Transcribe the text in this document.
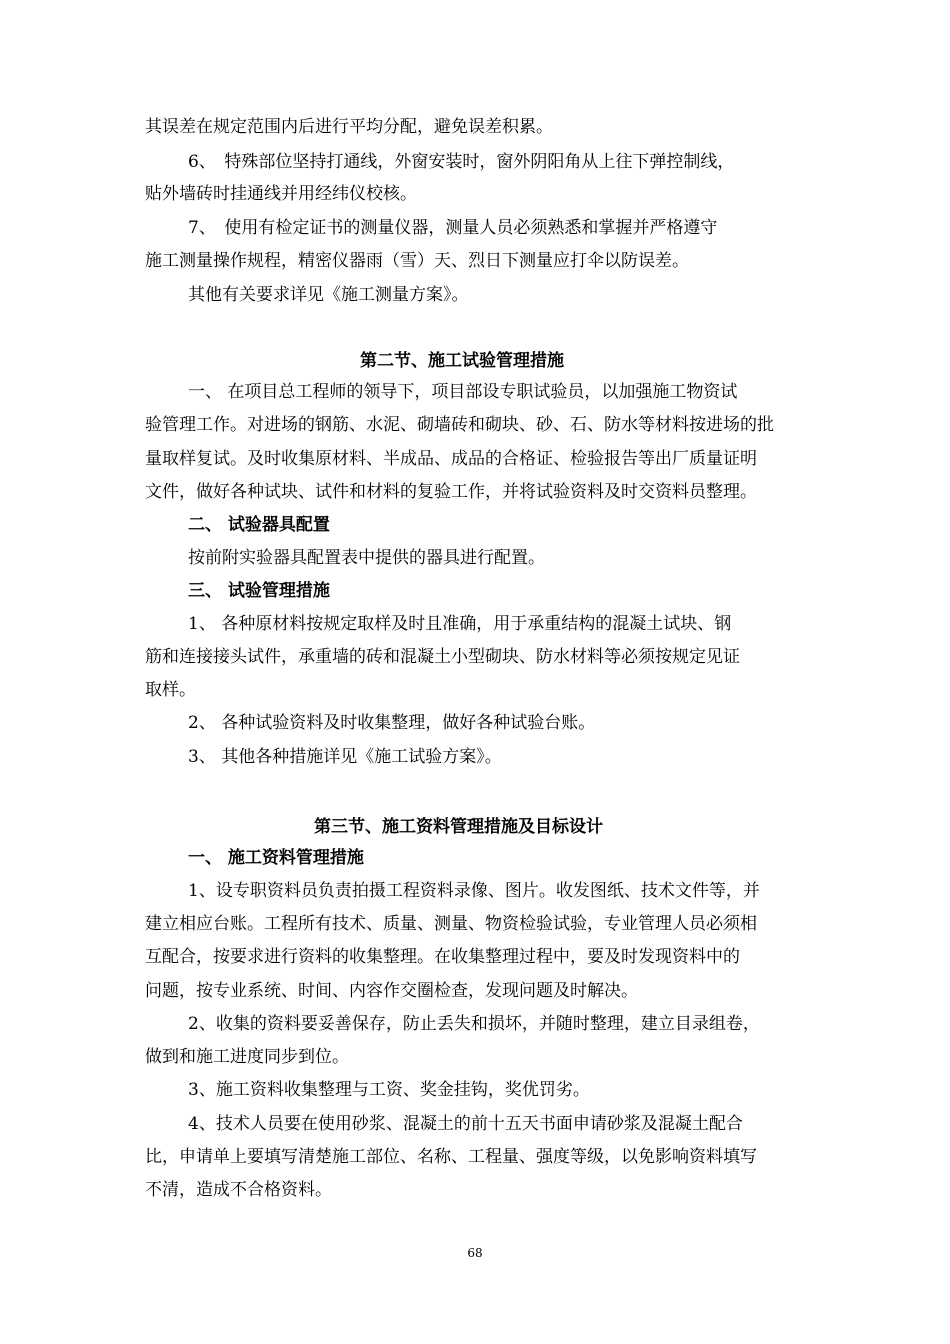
其误差在规定范围内后进行平均分配，避免误差积累。
6、　特殊部位坚持打通线，外窗安装时，窗外阴阳角从上往下弹控制线，
贴外墙砖时挂通线并用经纬仪校核。
7、　使用有检定证书的测量仪器，测量人员必须熟悉和掌握并严格遵守
施工测量操作规程，精密仪器雨（雪）天、烈日下测量应打伞以防误差。
其他有关要求详见《施工测量方案》。
第二节、施工试验管理措施
一、 在项目总工程师的领导下，项目部设专职试验员，以加强施工物资试
验管理工作。对进场的钢筋、水泥、砌墙砖和砌块、砂、石、防水等材料按进场的批
量取样复试。及时收集原材料、半成品、成品的合格证、检验报告等出厂质量证明
文件，做好各种试块、试件和材料的复验工作，并将试验资料及时交资料员整理。
二、 试验器具配置
按前附实验器具配置表中提供的器具进行配置。
三、 试验管理措施
1、 各种原材料按规定取样及时且准确，用于承重结构的混凝土试块、钢
筋和连接接头试件，承重墙的砖和混凝土小型砌块、防水材料等必须按规定见证
取样。
2、 各种试验资料及时收集整理，做好各种试验台账。
3、 其他各种措施详见《施工试验方案》。
第三节、施工资料管理措施及目标设计
一、 施工资料管理措施
1、设专职资料员负责拍摄工程资料录像、图片。收发图纸、技术文件等，并
建立相应台账。工程所有技术、质量、测量、物资检验试验，专业管理人员必须相
互配合，按要求进行资料的收集整理。在收集整理过程中，要及时发现资料中的
问题，按专业系统、时间、内容作交圈检查，发现问题及时解决。
2、收集的资料要妥善保存，防止丢失和损坏，并随时整理，建立目录组卷，
做到和施工进度同步到位。
3、施工资料收集整理与工资、奖金挂钩，奖优罚劣。
4、技术人员要在使用砂浆、混凝土的前十五天书面申请砂浆及混凝土配合
比，申请单上要填写清楚施工部位、名称、工程量、强度等级，以免影响资料填写
不清，造成不合格资料。
68
